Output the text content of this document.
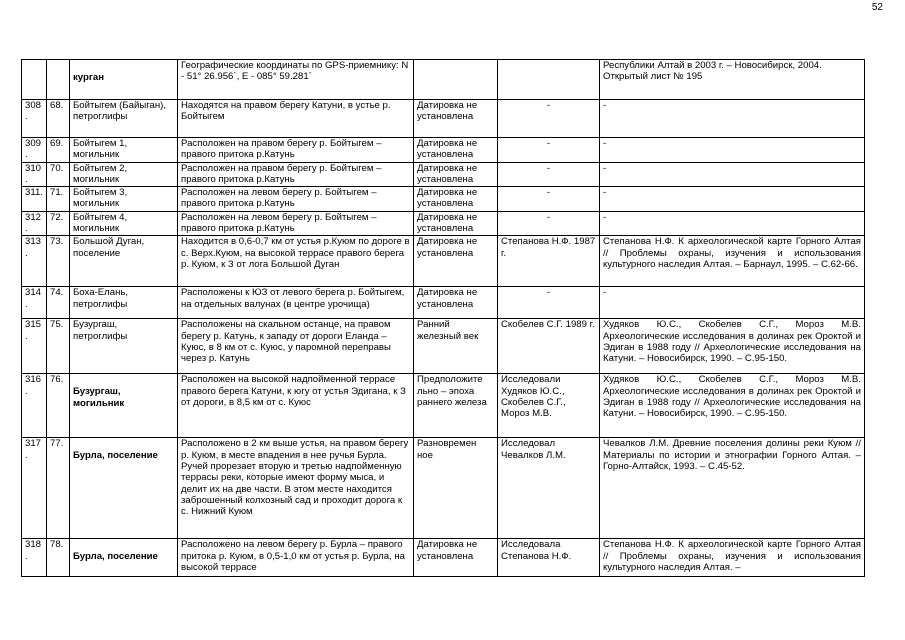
52
		курган	Географические координаты по GPS-приемнику: N - 51° 26.956´, E - 085° 59.281´			Республики Алтай в 2003 г. – Новосибирск, 2004.
Открытый лист № 195

308.	68.	Бойтыгем (Байыган), петроглифы	Находятся на правом берегу Катуни, в устье р. Бойтыгем	Датировка не установлена	-	-
309.	69.	Бойтыгем 1, могильник	Расположен на правом берегу р. Бойтыгем – правого притока р.Катунь	Датировка не установлена	-	-
310.	70.	Бойтыгем 2, могильник	Расположен на правом берегу р. Бойтыгем – правого притока р.Катунь	Датировка не установлена	-	-
311.	71.	Бойтыгем 3, могильник	Расположен на левом берегу р. Бойтыгем – правого притока р.Катунь	Датировка не установлена	-	-
312.	72.	Бойтыгем 4, могильник	Расположен на левом берегу р. Бойтыгем – правого притока р.Катунь	Датировка не установлена	-	-
313.	73.	Большой Дуган, поселение	Находится в 0,6-0,7 км от устья р.Куюм по дороге в с. Верх.Куюм, на высокой террасе правого берега р. Куюм, к З от лога Большой Дуган	Датировка не установлена	Степанова Н.Ф. 1987 г.	Степанова Н.Ф. К археологической карте Горного Алтая // Проблемы охраны, изучения и использования культурного наследия Алтая. – Барнаул, 1995. – С.62-66.
314.	74.	Боха-Елань, петроглифы	Расположены к ЮЗ от левого берега р. Бойтыгем, на отдельных валунах (в центре урочища)	Датировка не установлена	-	-
315.	75.	Бузургаш, петроглифы	Расположены на скальном останце, на правом берегу р. Катунь, к западу от дороги Еланда – Куюс, в 8 км от с. Куюс, у паромной переправы через р. Катунь	Ранний железный век	Скобелев С.Г. 1989 г.	Худяков Ю.С., Скобелев С.Г., Мороз М.В. Археологические исследования в долинах рек Ороктой и Эдиган в 1988 году // Археологические исследования на Катуни. – Новосибирск, 1990. – С.95-150.
316.	76.	Бузургаш, могильник	Расположен на высокой надпойменной террасе правого берега Катуни, к югу от устья Эдигана, к З от дороги, в 8,5 км от с. Куюс	Предположите льно – эпоха раннего железа	Исследовали Худяков Ю.С., Скобелев С.Г., Мороз М.В.	Худяков Ю.С., Скобелев С.Г., Мороз М.В. Археологические исследования в долинах рек Ороктой и Эдиган в 1988 году // Археологические исследования на Катуни. – Новосибирск, 1990. – С.95-150.
317.	77.	Бурла, поселение	Расположено в 2 км выше устья, на правом берегу р. Куюм, в месте впадения в нее ручья Бурла. Ручей прорезает вторую и третью надпойменную террасы реки, которые имеют форму мыса, и делит их на две части. В этом месте находится заброшенный колхозный сад и проходит дорога к с. Нижний Куюм	Разновремен ное	Исследовал Чевалков Л.М.	Чевалков Л.М. Древние поселения долины реки Куюм // Материалы по истории и этнографии Горного Алтая. – Горно-Алтайск, 1993. – С.45-52.
318.	78.	Бурла, поселение	Расположено на левом берегу р. Бурла – правого притока р. Куюм, в 0,5-1,0 км от устья р. Бурла, на высокой террасе	Датировка не установлена	Исследовала Степанова Н.Ф.	Степанова Н.Ф. К археологической карте Горного Алтая // Проблемы охраны, изучения и использования культурного наследия Алтая. –
